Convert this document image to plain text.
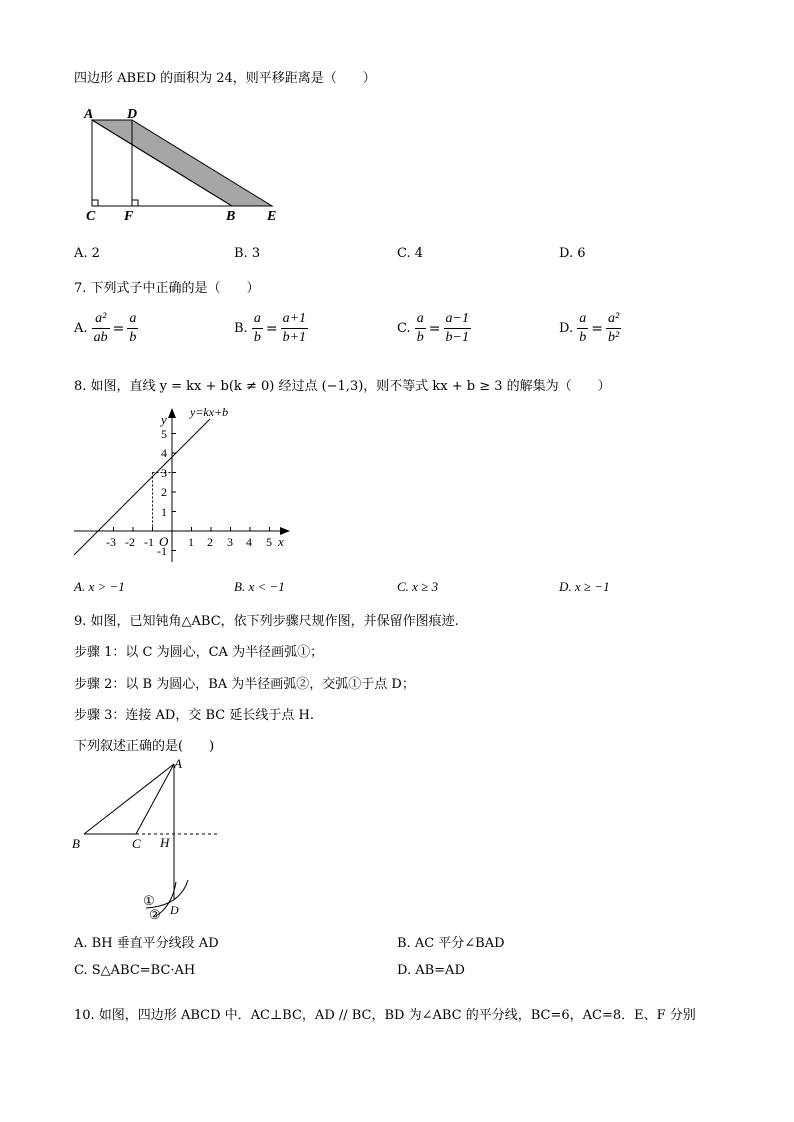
四边形 ABED 的面积为 24，则平移距离是（　　）
A D
C F	B E
A. 2	B. 3	C. 4	D. 6
7. 下列式子中正确的是（　　）
A. $\frac{\text{a²}}{ab} = \frac{a}{b}$	B. $\frac{a}{b} = \frac{a+1}{b+1}$	C. $\frac{a}{b} = \frac{a-1}{b-1}$	D. $\frac{a}{b} = \frac{\text{a²}}{\text{b²}}$
8. 如图，直线 y = kx + b(k ≠ 0) 经过点 (−1,3)，则不等式 kx + b ≥ 3 的解集为（　　）
y=kx+b
y
x
O
-3 -2 -1	1 2 3 4 5
5
4
3
2
1
-1
A. x > −1	B. x < −1	C. x ≥ 3	D. x ≥ −1
9. 如图，已知钝角△ABC，依下列步骤尺规作图，并保留作图痕迹.
步骤 1：以 C 为圆心，CA 为半径画弧①；
步骤 2：以 B 为圆心，BA 为半径画弧②，交弧①于点 D；
步骤 3：连接 AD，交 BC 延长线于点 H.
下列叙述正确的是(　　)
A
B	C H
D
①
②
A. BH 垂直平分线段 AD	B. AC 平分∠BAD
C. S△ABC=BC·AH	D. AB=AD
10. 如图，四边形 ABCD 中．AC⊥BC，AD // BC，BD 为∠ABC 的平分线，BC=6，AC=8．E、F 分别
